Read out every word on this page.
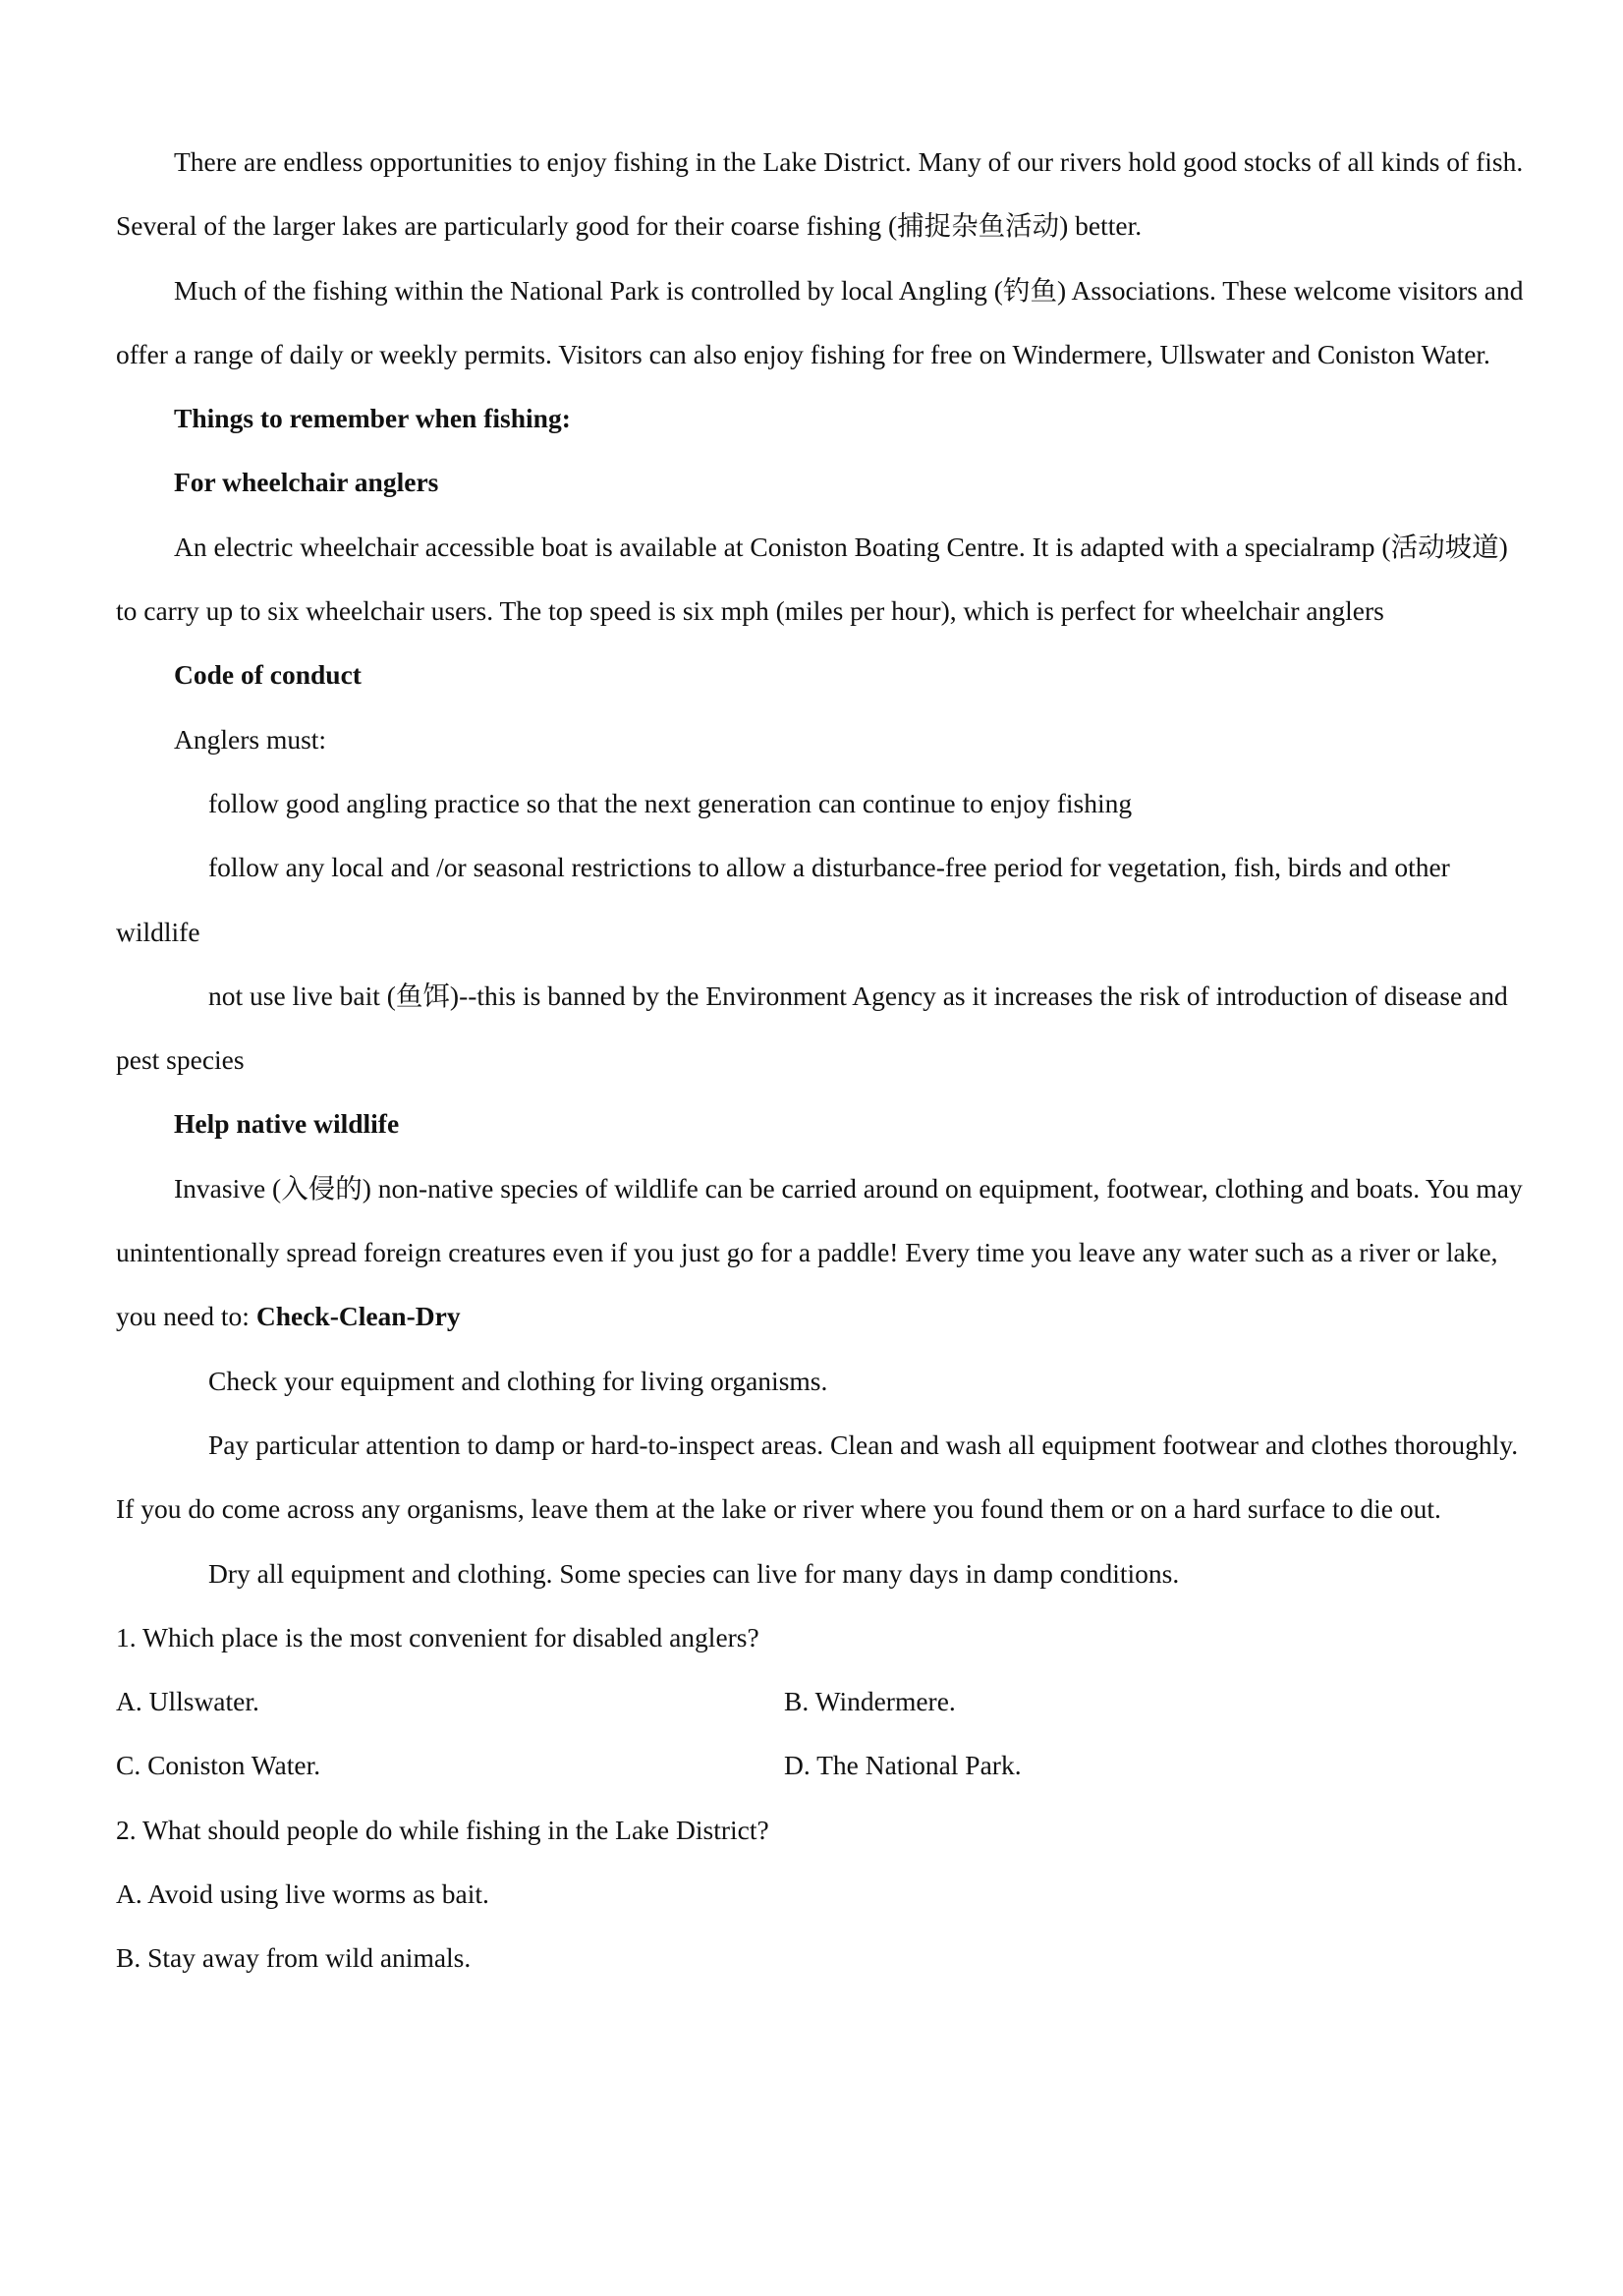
There are endless opportunities to enjoy fishing in the Lake District. Many of our rivers hold good stocks of all kinds of fish. Several of the larger lakes are particularly good for their coarse fishing (捕捉杂鱼活动) better.

Much of the fishing within the National Park is controlled by local Angling (钓鱼) Associations. These welcome visitors and offer a range of daily or weekly permits. Visitors can also enjoy fishing for free on Windermere, Ullswater and Coniston Water.

Things to remember when fishing:

For wheelchair anglers

An electric wheelchair accessible boat is available at Coniston Boating Centre. It is adapted with a specialramp (活动坡道) to carry up to six wheelchair users. The top speed is six mph (miles per hour), which is perfect for wheelchair anglers

Code of conduct

Anglers must:

follow good angling practice so that the next generation can continue to enjoy fishing

follow any local and /or seasonal restrictions to allow a disturbance-free period for vegetation, fish, birds and other wildlife

not use live bait (鱼饵)--this is banned by the Environment Agency as it increases the risk of introduction of disease and pest species

Help native wildlife

Invasive (入侵的) non-native species of wildlife can be carried around on equipment, footwear, clothing and boats. You may unintentionally spread foreign creatures even if you just go for a paddle! Every time you leave any water such as a river or lake, you need to: Check-Clean-Dry

Check your equipment and clothing for living organisms.

Pay particular attention to damp or hard-to-inspect areas. Clean and wash all equipment footwear and clothes thoroughly. If you do come across any organisms, leave them at the lake or river where you found them or on a hard surface to die out.

Dry all equipment and clothing. Some species can live for many days in damp conditions.

1. Which place is the most convenient for disabled anglers?

A. Ullswater.	B. Windermere.
C. Coniston Water.	D. The National Park.

2. What should people do while fishing in the Lake District?

A. Avoid using live worms as bait.

B. Stay away from wild animals.
